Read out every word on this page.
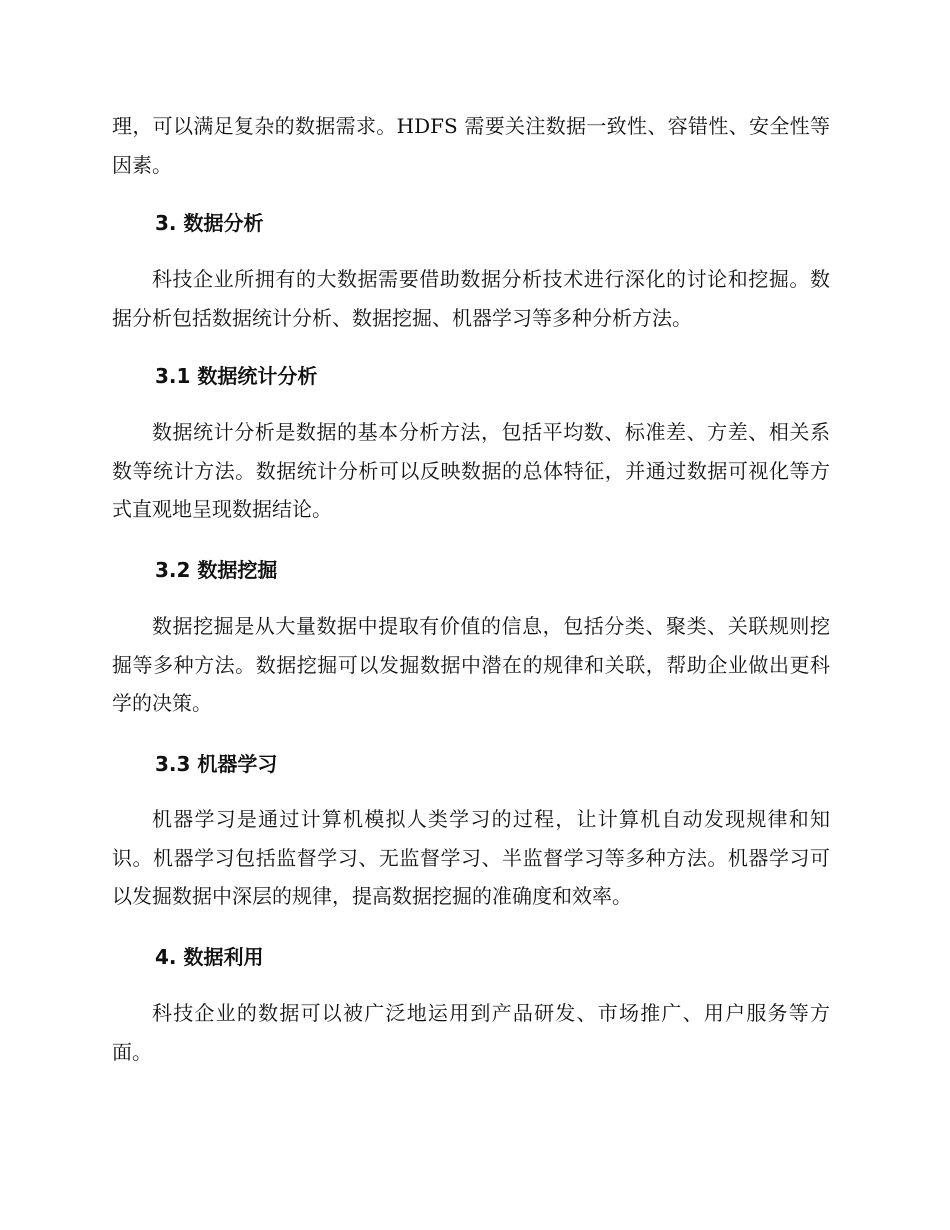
理，可以满足复杂的数据需求。HDFS 需要关注数据一致性、容错性、安全性等因素。

3. 数据分析

科技企业所拥有的大数据需要借助数据分析技术进行深化的讨论和挖掘。数据分析包括数据统计分析、数据挖掘、机器学习等多种分析方法。

3.1 数据统计分析

数据统计分析是数据的基本分析方法，包括平均数、标准差、方差、相关系数等统计方法。数据统计分析可以反映数据的总体特征，并通过数据可视化等方式直观地呈现数据结论。

3.2 数据挖掘

数据挖掘是从大量数据中提取有价值的信息，包括分类、聚类、关联规则挖掘等多种方法。数据挖掘可以发掘数据中潜在的规律和关联，帮助企业做出更科学的决策。

3.3 机器学习

机器学习是通过计算机模拟人类学习的过程，让计算机自动发现规律和知识。机器学习包括监督学习、无监督学习、半监督学习等多种方法。机器学习可以发掘数据中深层的规律，提高数据挖掘的准确度和效率。

4. 数据利用

科技企业的数据可以被广泛地运用到产品研发、市场推广、用户服务等方面。
